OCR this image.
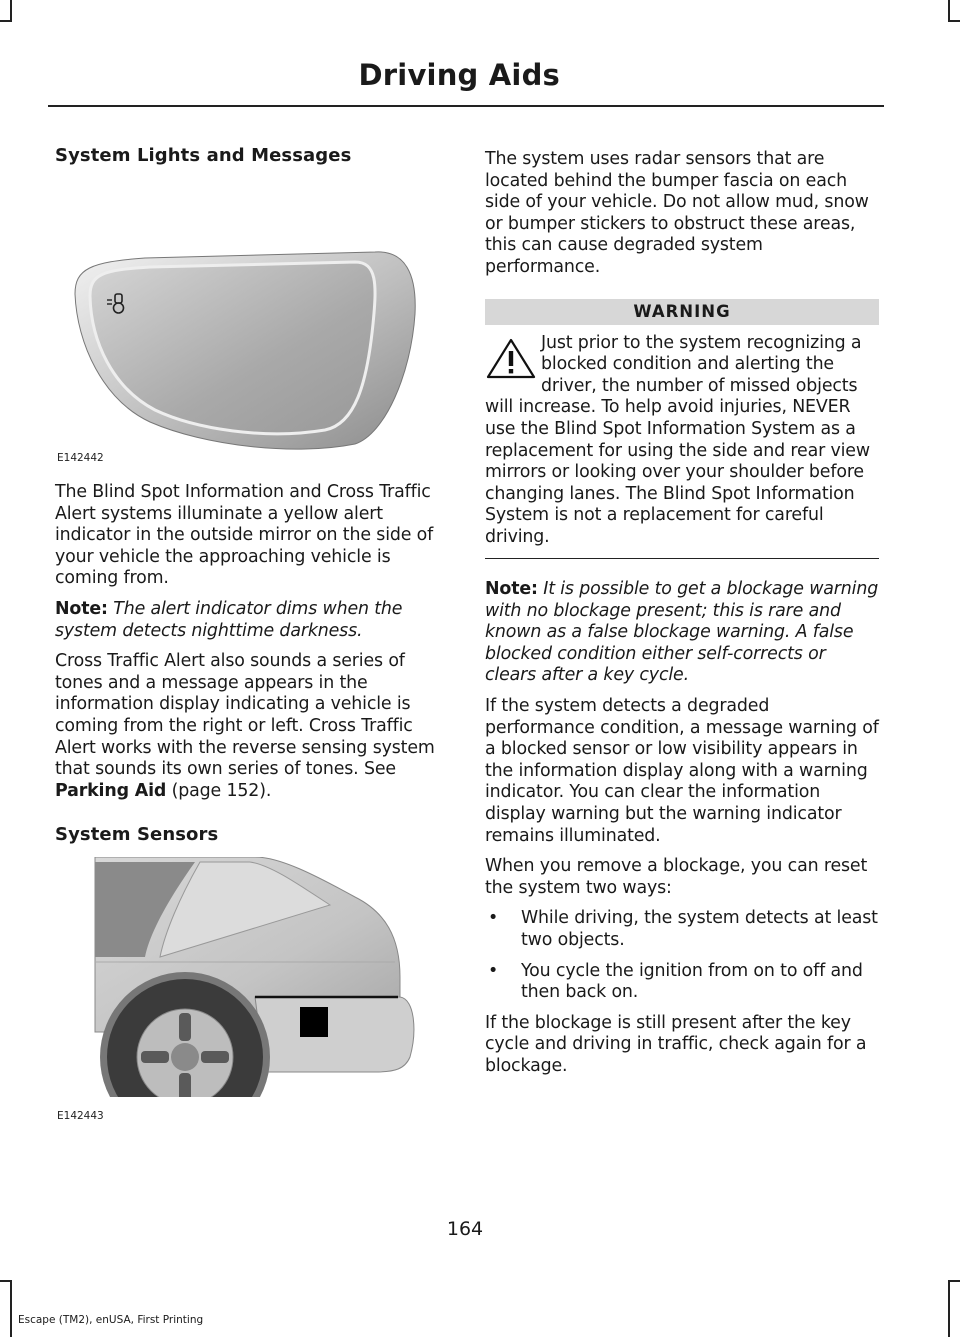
Driving Aids
System Lights and Messages
E142442

The Blind Spot Information and Cross Traffic Alert systems illuminate a yellow alert indicator in the outside mirror on the side of your vehicle the approaching vehicle is coming from.

Note: The alert indicator dims when the system detects nighttime darkness.

Cross Traffic Alert also sounds a series of tones and a message appears in the information display indicating a vehicle is coming from the right or left. Cross Traffic Alert works with the reverse sensing system that sounds its own series of tones. See Parking Aid (page 152).

System Sensors
E142443

The system uses radar sensors that are located behind the bumper fascia on each side of your vehicle. Do not allow mud, snow or bumper stickers to obstruct these areas, this can cause degraded system performance.

WARNING

Just prior to the system recognizing a blocked condition and alerting the driver, the number of missed objects will increase. To help avoid injuries, NEVER use the Blind Spot Information System as a replacement for using the side and rear view mirrors or looking over your shoulder before changing lanes. The Blind Spot Information System is not a replacement for careful driving.

Note: It is possible to get a blockage warning with no blockage present; this is rare and known as a false blockage warning. A false blocked condition either self-corrects or clears after a key cycle.

If the system detects a degraded performance condition, a message warning of a blocked sensor or low visibility appears in the information display along with a warning indicator. You can clear the information display warning but the warning indicator remains illuminated.

When you remove a blockage, you can reset the system two ways:

• While driving, the system detects at least two objects.
• You cycle the ignition from on to off and then back on.

If the blockage is still present after the key cycle and driving in traffic, check again for a blockage.

164
Escape (TM2), enUSA, First Printing
